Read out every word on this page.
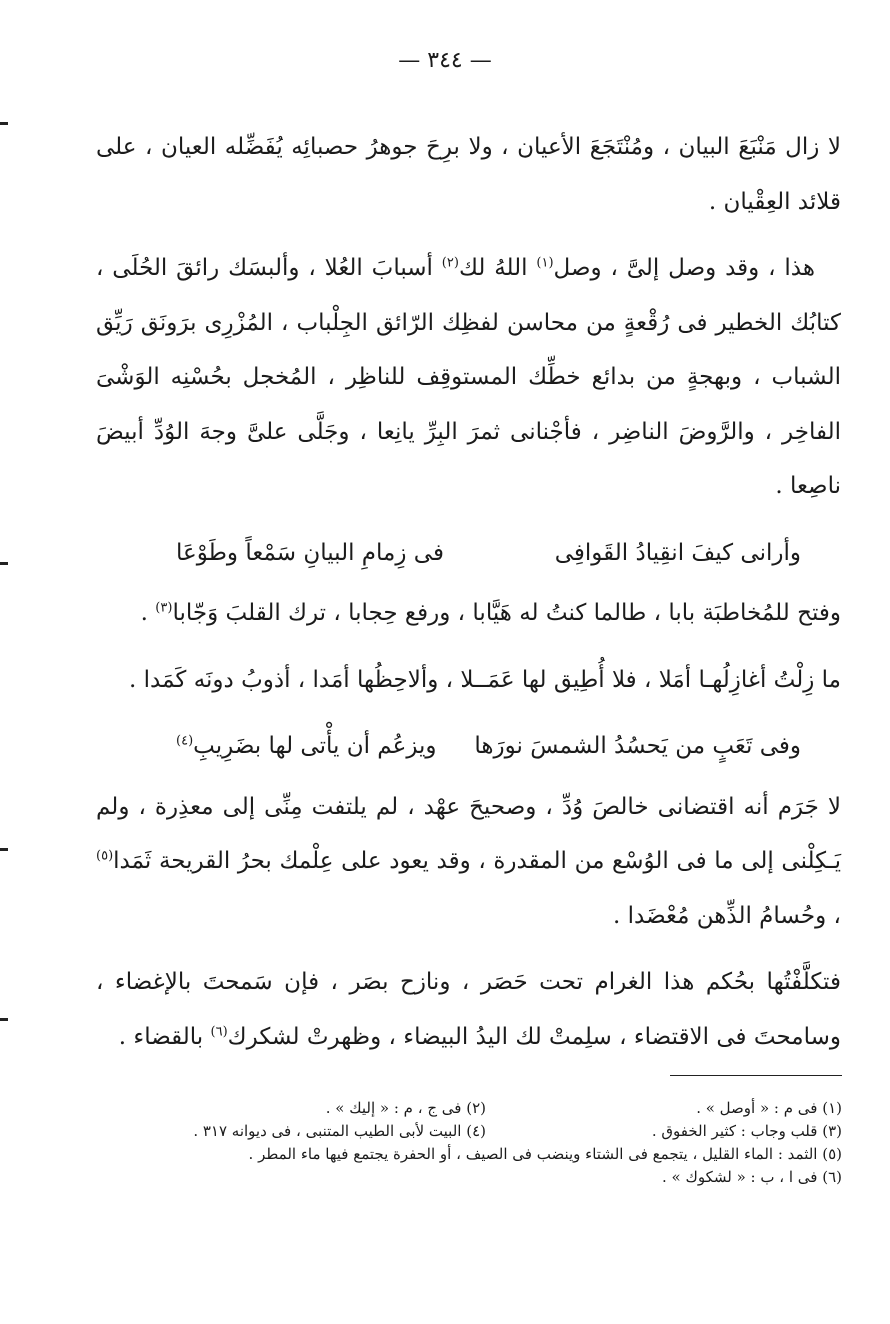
— ٣٤٤ —

لا زال مَنْبَعَ البيان ، ومُنْتَجَعَ الأعيان ، ولا برِحَ جوهرُ حصبائِه يُفَضِّله العيان ، على قلائد العِقْيان .

هذا ، وقد وصل إلىَّ ، وصل$^{(١)}$ اللهُ لك$^{(٢)}$ أسبابَ العُلا ، وألبسَك رائقَ الحُلَى ، كتابُك الخطير فى رُقْعةٍ من محاسن لفظِك الرّائق الجِلْباب ، المُزْرِى برَونَق رَيِّق الشباب ، وبهجةٍ من بدائع خطِّك المستوقِف للناظِر ، المُخجل بحُسْنِه الوَشْىَ الفاخِر ، والرَّوضَ الناضِر ، فأجْنانى ثمرَ البِرِّ يانِعا ، وجَلَّى علىَّ وجهَ الوُدِّ أبيضَ ناصِعا .

وأرانى كيفَ انقِيادُ القَوافِى
فى زِمامِ البيانِ سَمْعاً وطَوْعَا

وفتح للمُخاطبَة بابا ، طالما كنتُ له هَيَّابا ، ورفع حِجابا ، ترك القلبَ وَجّابا$^{(٣)}$ .

ما زِلْتُ أغازِلُهـا أمَلا ، فلا أُطِيق لها عَمَــلا ، وألاحِظُها أمَدا ، أذوبُ دونَه كَمَدا .

وفى تَعَبٍ من يَحسُدُ الشمسَ نورَها
ويزعُم أن يأْتى لها بضَرِيبِ$^{(٤)}$

لا جَرَم أنه اقتضانى خالصَ وُدِّ ، وصحيحَ عهْد ، لم يلتفت مِنِّى إلى معذِرة ، ولم يَـكِلْنى إلى ما فى الوُسْع من المقدرة ، وقد يعود على عِلْمك بحرُ القريحة ثَمَدا$^{(٥)}$ ، وحُسامُ الذِّهن مُعْضَدا .

فتكلَّفْتُها بحُكم هذا الغرام تحت حَصَر ، ونازح بصَر ، فإن سَمحتَ بالإغضاء ، وسامحتَ فى الاقتضاء ، سلِمتْ لك اليدُ البيضاء ، وظهرتْ لشكرك$^{(٦)}$ بالقضاء .

(١) فى م : « أوصل » .
(٢) فى ج ، م : « إليك » .
(٣) قلب وجاب : كثير الخفوق .
(٤) البيت لأبى الطيب المتنبى ، فى ديوانه ٣١٧ .
(٥) الثمد : الماء القليل ، يتجمع فى الشتاء وينضب فى الصيف ، أو الحفرة يجتمع فيها ماء المطر .
(٦) فى ا ، ب : « لشكوك » .
